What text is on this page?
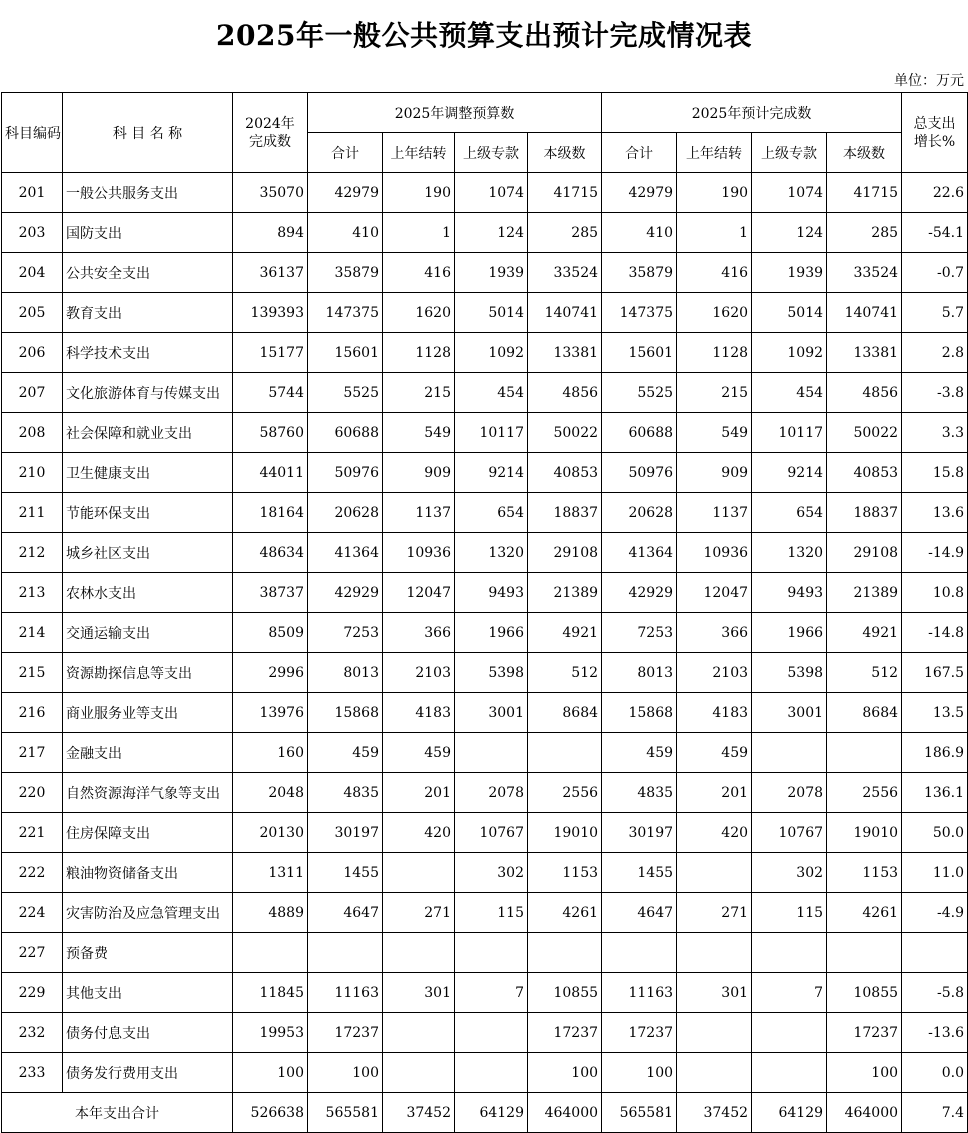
2025年一般公共预算支出预计完成情况表
单位：万元
科目编码	科 目 名 称	2024年
完成数	2025年调整预算数				2025年预计完成数				总支出
增长%
			合计	上年结转	上级专款	本级数	合计	上年结转	上级专款	本级数	
201	一般公共服务支出	35070	42979	190	1074	41715	42979	190	1074	41715	22.6
203	国防支出	894	410	1	124	285	410	1	124	285	-54.1
204	公共安全支出	36137	35879	416	1939	33524	35879	416	1939	33524	-0.7
205	教育支出	139393	147375	1620	5014	140741	147375	1620	5014	140741	5.7
206	科学技术支出	15177	15601	1128	1092	13381	15601	1128	1092	13381	2.8
207	文化旅游体育与传媒支出	5744	5525	215	454	4856	5525	215	454	4856	-3.8
208	社会保障和就业支出	58760	60688	549	10117	50022	60688	549	10117	50022	3.3
210	卫生健康支出	44011	50976	909	9214	40853	50976	909	9214	40853	15.8
211	节能环保支出	18164	20628	1137	654	18837	20628	1137	654	18837	13.6
212	城乡社区支出	48634	41364	10936	1320	29108	41364	10936	1320	29108	-14.9
213	农林水支出	38737	42929	12047	9493	21389	42929	12047	9493	21389	10.8
214	交通运输支出	8509	7253	366	1966	4921	7253	366	1966	4921	-14.8
215	资源勘探信息等支出	2996	8013	2103	5398	512	8013	2103	5398	512	167.5
216	商业服务业等支出	13976	15868	4183	3001	8684	15868	4183	3001	8684	13.5
217	金融支出	160	459	459			459	459			186.9
220	自然资源海洋气象等支出	2048	4835	201	2078	2556	4835	201	2078	2556	136.1
221	住房保障支出	20130	30197	420	10767	19010	30197	420	10767	19010	50.0
222	粮油物资储备支出	1311	1455		302	1153	1455		302	1153	11.0
224	灾害防治及应急管理支出	4889	4647	271	115	4261	4647	271	115	4261	-4.9
227	预备费										
229	其他支出	11845	11163	301	7	10855	11163	301	7	10855	-5.8
232	债务付息支出	19953	17237			17237	17237			17237	-13.6
233	债务发行费用支出	100	100			100	100			100	0.0
本年支出合计		526638	565581	37452	64129	464000	565581	37452	64129	464000	7.4
